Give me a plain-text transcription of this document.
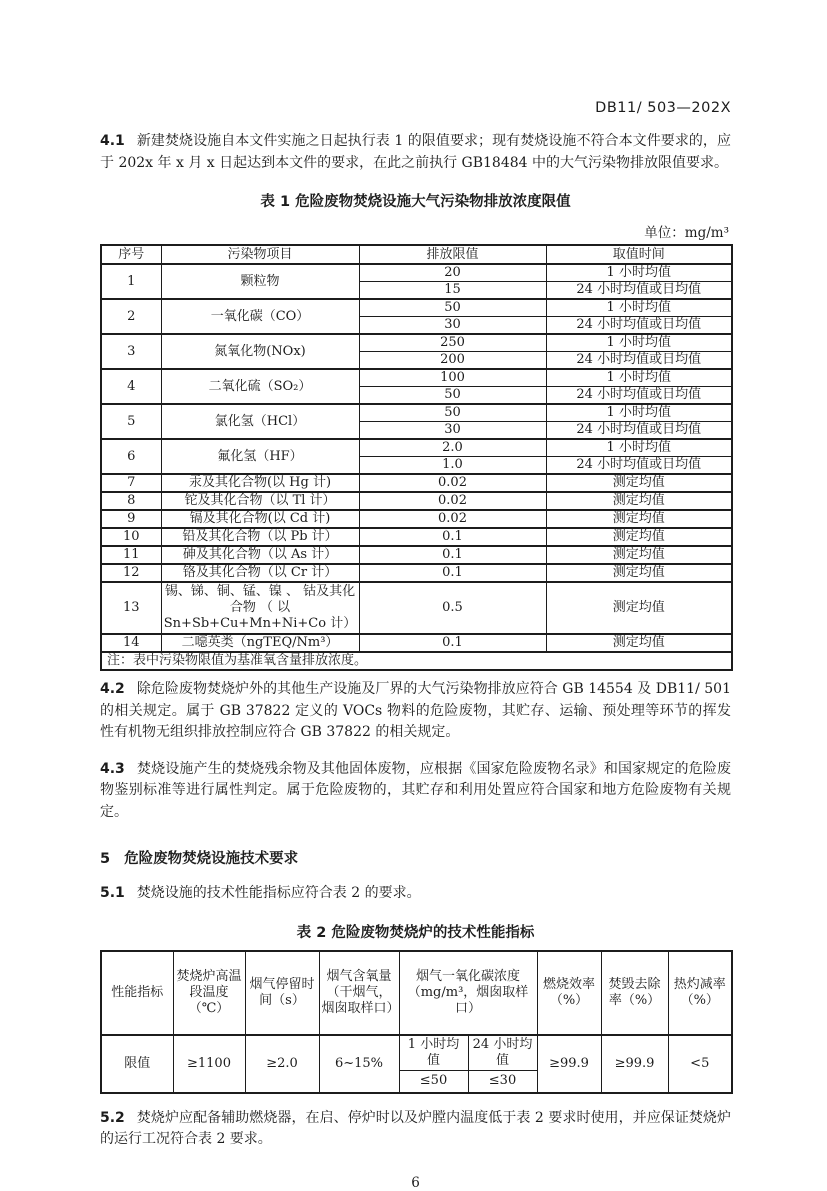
DB11/ 503—202X

4.1 新建焚烧设施自本文件实施之日起执行表 1 的限值要求；现有焚烧设施不符合本文件要求的，应于 202x 年 x 月 x 日起达到本文件的要求，在此之前执行 GB18484 中的大气污染物排放限值要求。

表 1 危险废物焚烧设施大气污染物排放浓度限值
单位：mg/m³
序号	污染物项目	排放限值	取值时间
1	颗粒物	20	1 小时均值
		15	24 小时均值或日均值
2	一氧化碳（CO）	50	1 小时均值
		30	24 小时均值或日均值
3	氮氧化物(NOx)	250	1 小时均值
		200	24 小时均值或日均值
4	二氧化硫（SO₂）	100	1 小时均值
		50	24 小时均值或日均值
5	氯化氢（HCl）	50	1 小时均值
		30	24 小时均值或日均值
6	氟化氢（HF）	2.0	1 小时均值
		1.0	24 小时均值或日均值
7	汞及其化合物(以 Hg 计)	0.02	测定均值
8	铊及其化合物（以 Tl 计）	0.02	测定均值
9	镉及其化合物(以 Cd 计)	0.02	测定均值
10	铅及其化合物（以 Pb 计）	0.1	测定均值
11	砷及其化合物（以 As 计）	0.1	测定均值
12	铬及其化合物（以 Cr 计）	0.1	测定均值
13	锡、锑、铜、锰、镍 、 钴及其化合物 （ 以 Sn+Sb+Cu+Mn+Ni+Co 计）	0.5	测定均值
14	二噁英类（ngTEQ/Nm³）	0.1	测定均值
注：表中污染物限值为基准氧含量排放浓度。			

4.2 除危险废物焚烧炉外的其他生产设施及厂界的大气污染物排放应符合 GB 14554 及 DB11/ 501 的相关规定。属于 GB 37822 定义的 VOCs 物料的危险废物，其贮存、运输、预处理等环节的挥发性有机物无组织排放控制应符合 GB 37822 的相关规定。

4.3 焚烧设施产生的焚烧残余物及其他固体废物，应根据《国家危险废物名录》和国家规定的危险废物鉴别标准等进行属性判定。属于危险废物的，其贮存和利用处置应符合国家和地方危险废物有关规定。

5 危险废物焚烧设施技术要求

5.1 焚烧设施的技术性能指标应符合表 2 的要求。

表 2 危险废物焚烧炉的技术性能指标
性能指标	焚烧炉高温段温度（℃）	烟气停留时间（s）	烟气含氧量（干烟气，烟囱取样口）	烟气一氧化碳浓度（mg/m³，烟囱取样口）		燃烧效率（%）	焚毁去除率（%）	热灼减率（%）
限值	≥1100	≥2.0	6~15%	1 小时均值	24 小时均值	≥99.9	≥99.9	<5
				≤50	≤30			

5.2 焚烧炉应配备辅助燃烧器，在启、停炉时以及炉膛内温度低于表 2 要求时使用，并应保证焚烧炉的运行工况符合表 2 要求。

6
